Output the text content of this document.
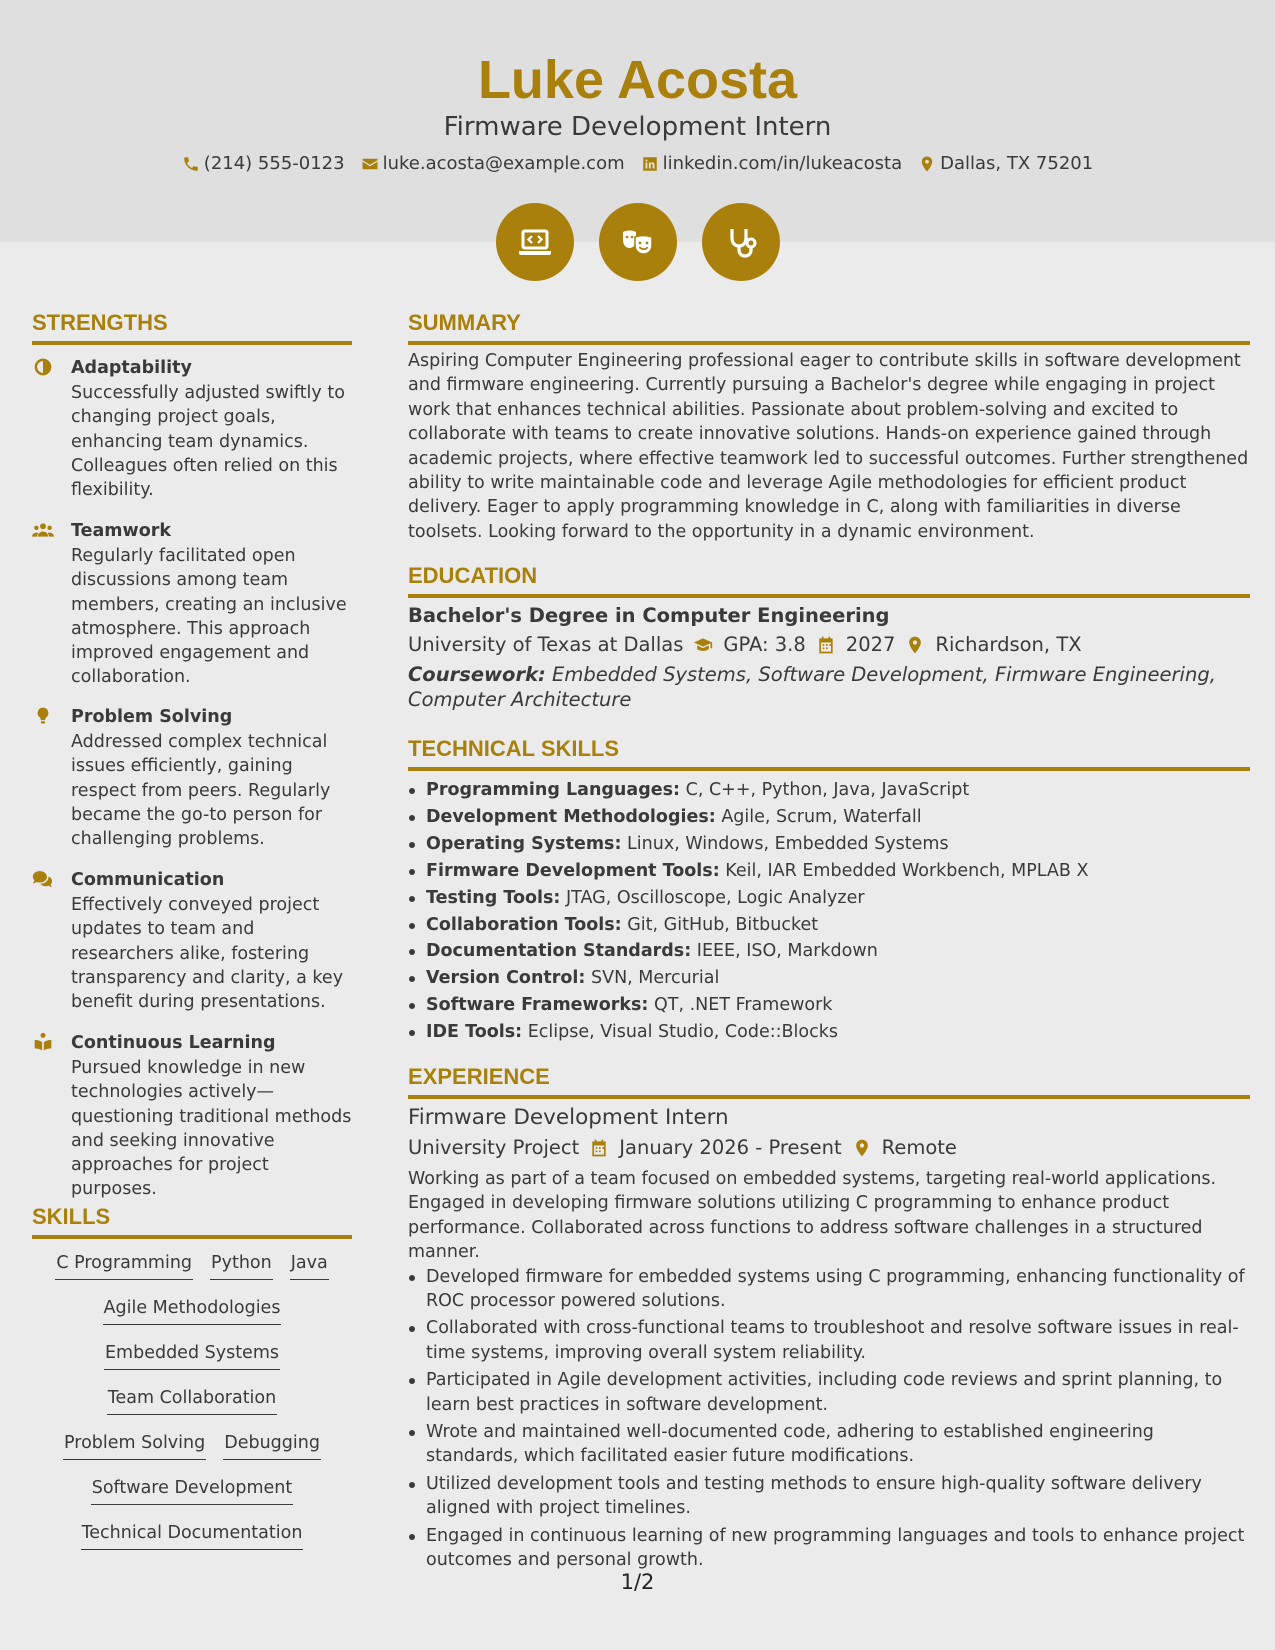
Luke Acosta
Firmware Development Intern
(214) 555-0123 luke.acosta@example.com linkedin.com/in/lukeacosta Dallas, TX 75201
STRENGTHS
Adaptability
Successfully adjusted swiftly to changing project goals, enhancing team dynamics. Colleagues often relied on this flexibility.
Teamwork
Regularly facilitated open discussions among team members, creating an inclusive atmosphere. This approach improved engagement and collaboration.
Problem Solving
Addressed complex technical issues efficiently, gaining respect from peers. Regularly became the go-to person for challenging problems.
Communication
Effectively conveyed project updates to team and researchers alike, fostering transparency and clarity, a key benefit during presentations.
Continuous Learning
Pursued knowledge in new technologies actively—questioning traditional methods and seeking innovative approaches for project purposes.
SKILLS
C Programming Python Java
Agile Methodologies
Embedded Systems
Team Collaboration
Problem Solving Debugging
Software Development
Technical Documentation
SUMMARY
Aspiring Computer Engineering professional eager to contribute skills in software development and firmware engineering. Currently pursuing a Bachelor's degree while engaging in project work that enhances technical abilities. Passionate about problem-solving and excited to collaborate with teams to create innovative solutions. Hands-on experience gained through academic projects, where effective teamwork led to successful outcomes. Further strengthened ability to write maintainable code and leverage Agile methodologies for efficient product delivery. Eager to apply programming knowledge in C, along with familiarities in diverse toolsets. Looking forward to the opportunity in a dynamic environment.
EDUCATION
Bachelor's Degree in Computer Engineering
University of Texas at Dallas GPA: 3.8 2027 Richardson, TX
Coursework: Embedded Systems, Software Development, Firmware Engineering, Computer Architecture
TECHNICAL SKILLS
Programming Languages: C, C++, Python, Java, JavaScript
Development Methodologies: Agile, Scrum, Waterfall
Operating Systems: Linux, Windows, Embedded Systems
Firmware Development Tools: Keil, IAR Embedded Workbench, MPLAB X
Testing Tools: JTAG, Oscilloscope, Logic Analyzer
Collaboration Tools: Git, GitHub, Bitbucket
Documentation Standards: IEEE, ISO, Markdown
Version Control: SVN, Mercurial
Software Frameworks: QT, .NET Framework
IDE Tools: Eclipse, Visual Studio, Code::Blocks
EXPERIENCE
Firmware Development Intern
University Project January 2026 - Present Remote
Working as part of a team focused on embedded systems, targeting real-world applications. Engaged in developing firmware solutions utilizing C programming to enhance product performance. Collaborated across functions to address software challenges in a structured manner.
Developed firmware for embedded systems using C programming, enhancing functionality of ROC processor powered solutions.
Collaborated with cross-functional teams to troubleshoot and resolve software issues in real-time systems, improving overall system reliability.
Participated in Agile development activities, including code reviews and sprint planning, to learn best practices in software development.
Wrote and maintained well-documented code, adhering to established engineering standards, which facilitated easier future modifications.
Utilized development tools and testing methods to ensure high-quality software delivery aligned with project timelines.
Engaged in continuous learning of new programming languages and tools to enhance project outcomes and personal growth.
1/2
